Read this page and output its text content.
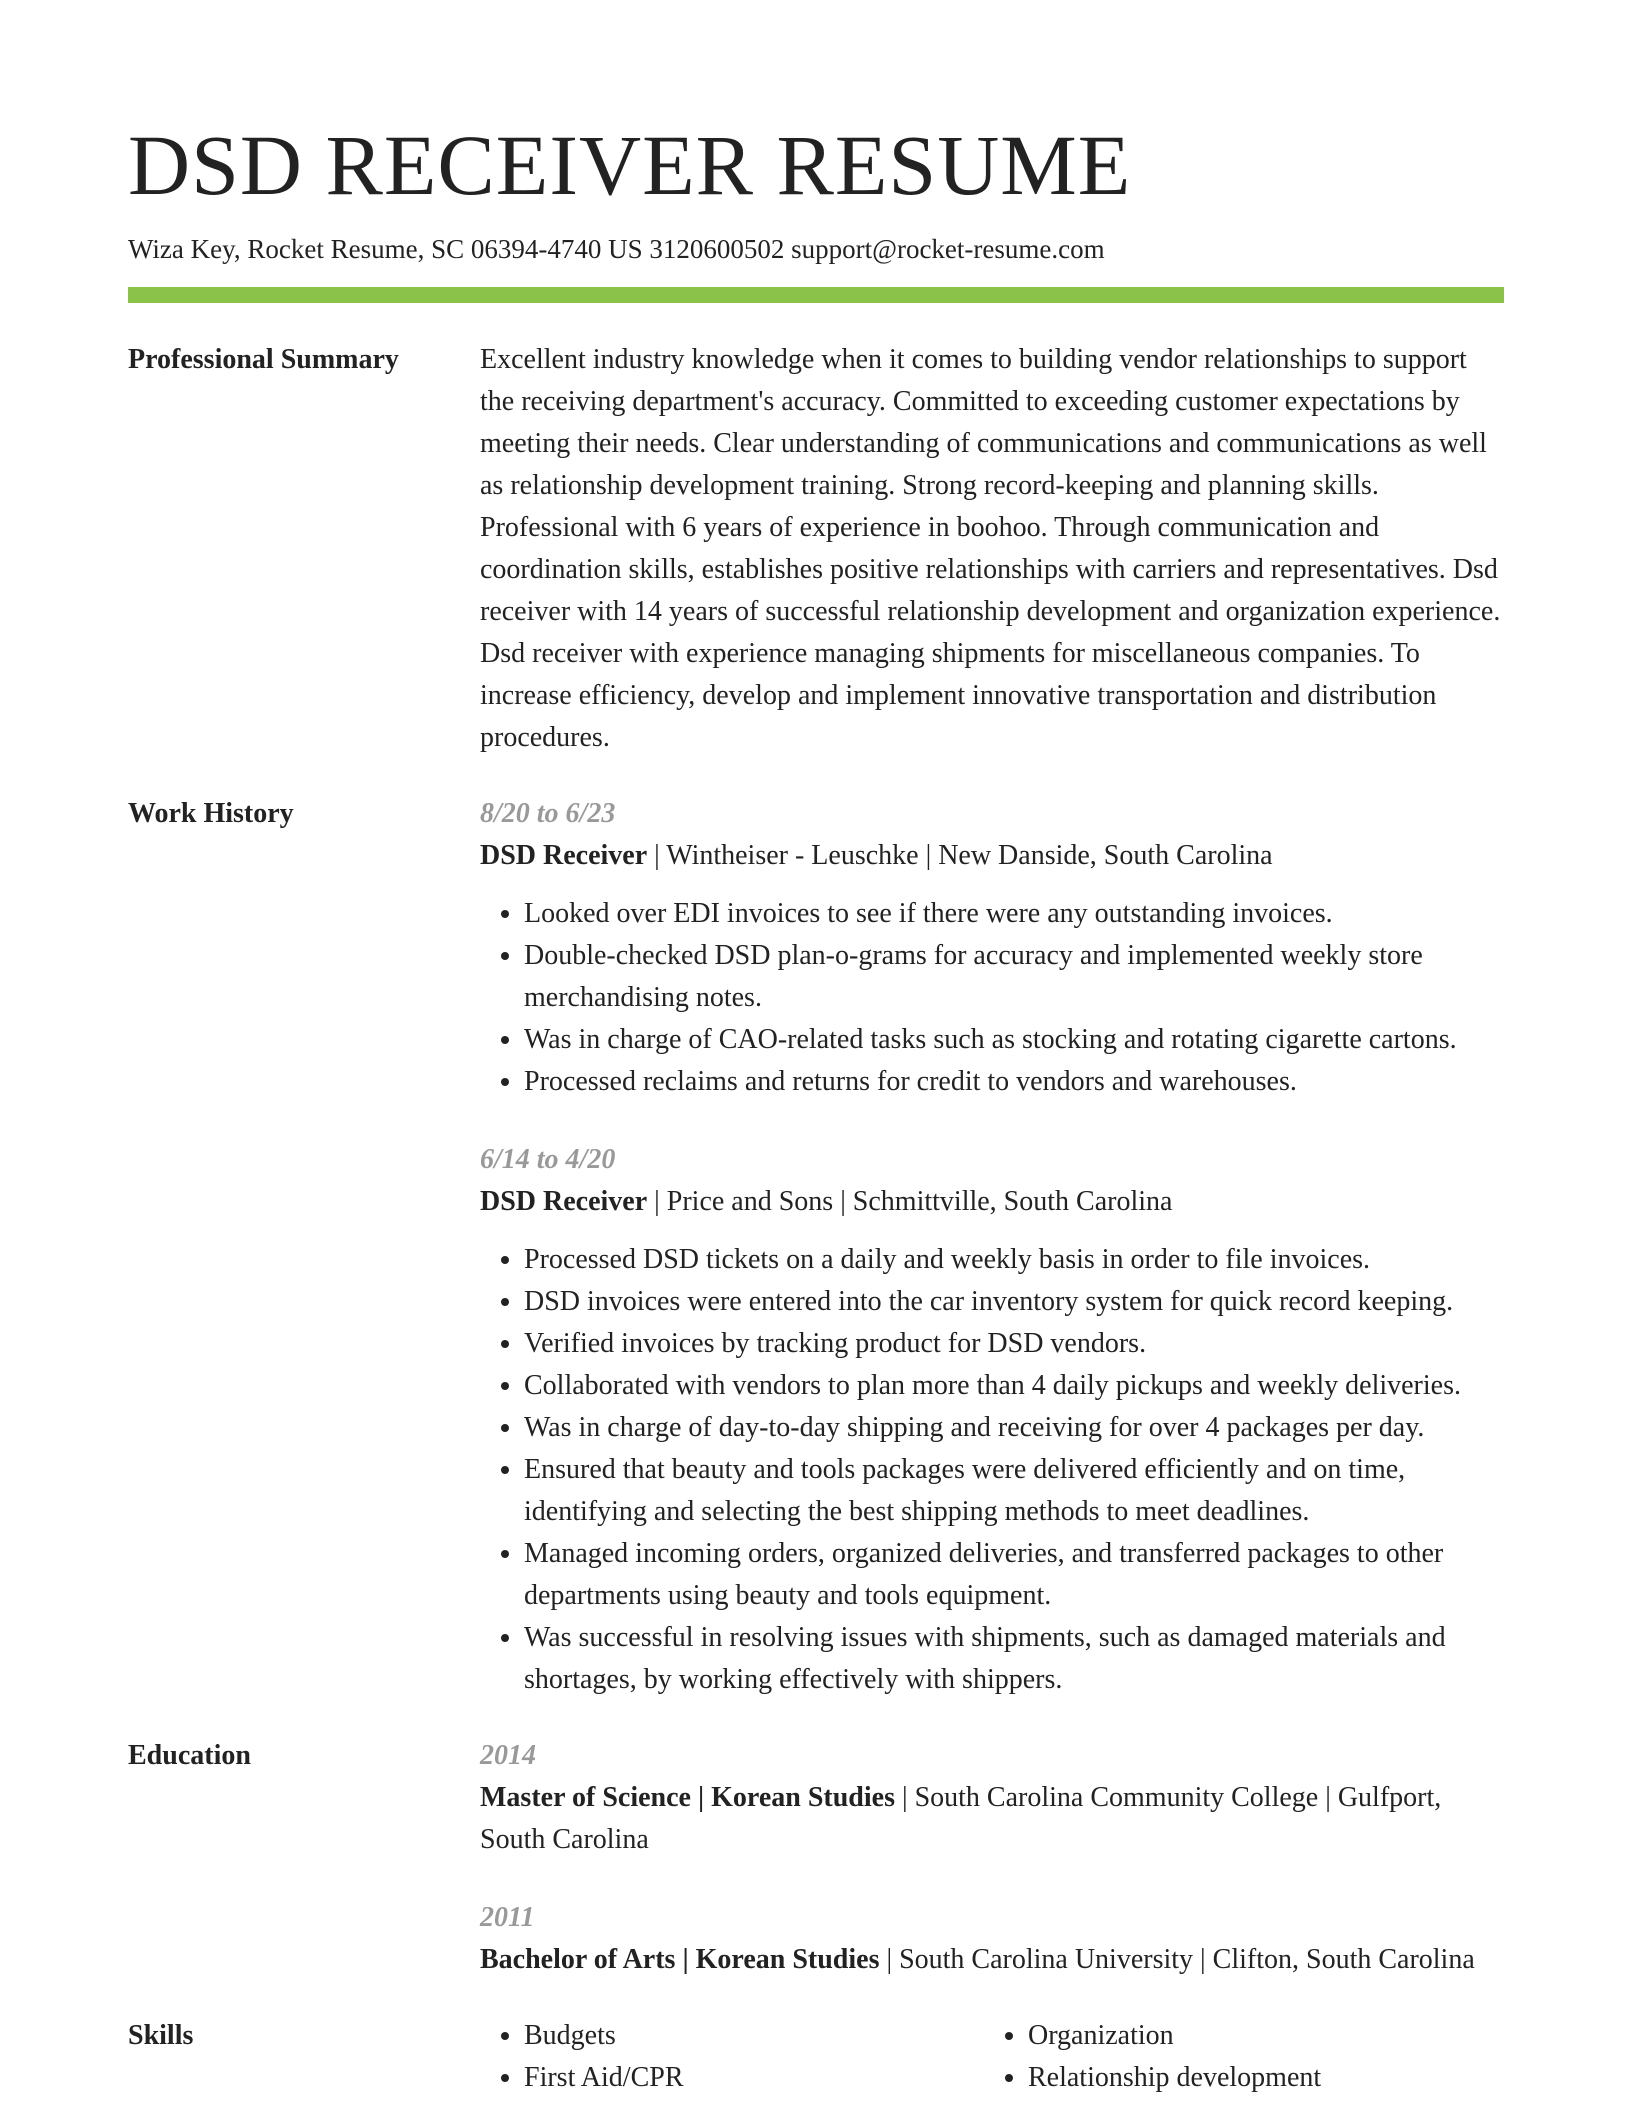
DSD RECEIVER RESUME
Wiza Key, Rocket Resume, SC 06394-4740 US 3120600502 support@rocket-resume.com
Professional Summary	Excellent industry knowledge when it comes to building vendor relationships to support the receiving department's accuracy. Committed to exceeding customer expectations by meeting their needs. Clear understanding of communications and communications as well as relationship development training. Strong record-keeping and planning skills. Professional with 6 years of experience in boohoo. Through communication and coordination skills, establishes positive relationships with carriers and representatives. Dsd receiver with 14 years of successful relationship development and organization experience. Dsd receiver with experience managing shipments for miscellaneous companies. To increase efficiency, develop and implement innovative transportation and distribution procedures.

Work History	8/20 to 6/23
DSD Receiver | Wintheiser - Leuschke | New Danside, South Carolina
• Looked over EDI invoices to see if there were any outstanding invoices.
• Double-checked DSD plan-o-grams for accuracy and implemented weekly store merchandising notes.
• Was in charge of CAO-related tasks such as stocking and rotating cigarette cartons.
• Processed reclaims and returns for credit to vendors and warehouses.
6/14 to 4/20
DSD Receiver | Price and Sons | Schmittville, South Carolina
• Processed DSD tickets on a daily and weekly basis in order to file invoices.
• DSD invoices were entered into the car inventory system for quick record keeping.
• Verified invoices by tracking product for DSD vendors.
• Collaborated with vendors to plan more than 4 daily pickups and weekly deliveries.
• Was in charge of day-to-day shipping and receiving for over 4 packages per day.
• Ensured that beauty and tools packages were delivered efficiently and on time, identifying and selecting the best shipping methods to meet deadlines.
• Managed incoming orders, organized deliveries, and transferred packages to other departments using beauty and tools equipment.
• Was successful in resolving issues with shipments, such as damaged materials and shortages, by working effectively with shippers.
Education	2014
Master of Science | Korean Studies | South Carolina Community College | Gulfport, South Carolina
2011
Bachelor of Arts | Korean Studies | South Carolina University | Clifton, South Carolina
Skills
•	Budgets
• First Aid/CPR
• Organization
• Relationship development
